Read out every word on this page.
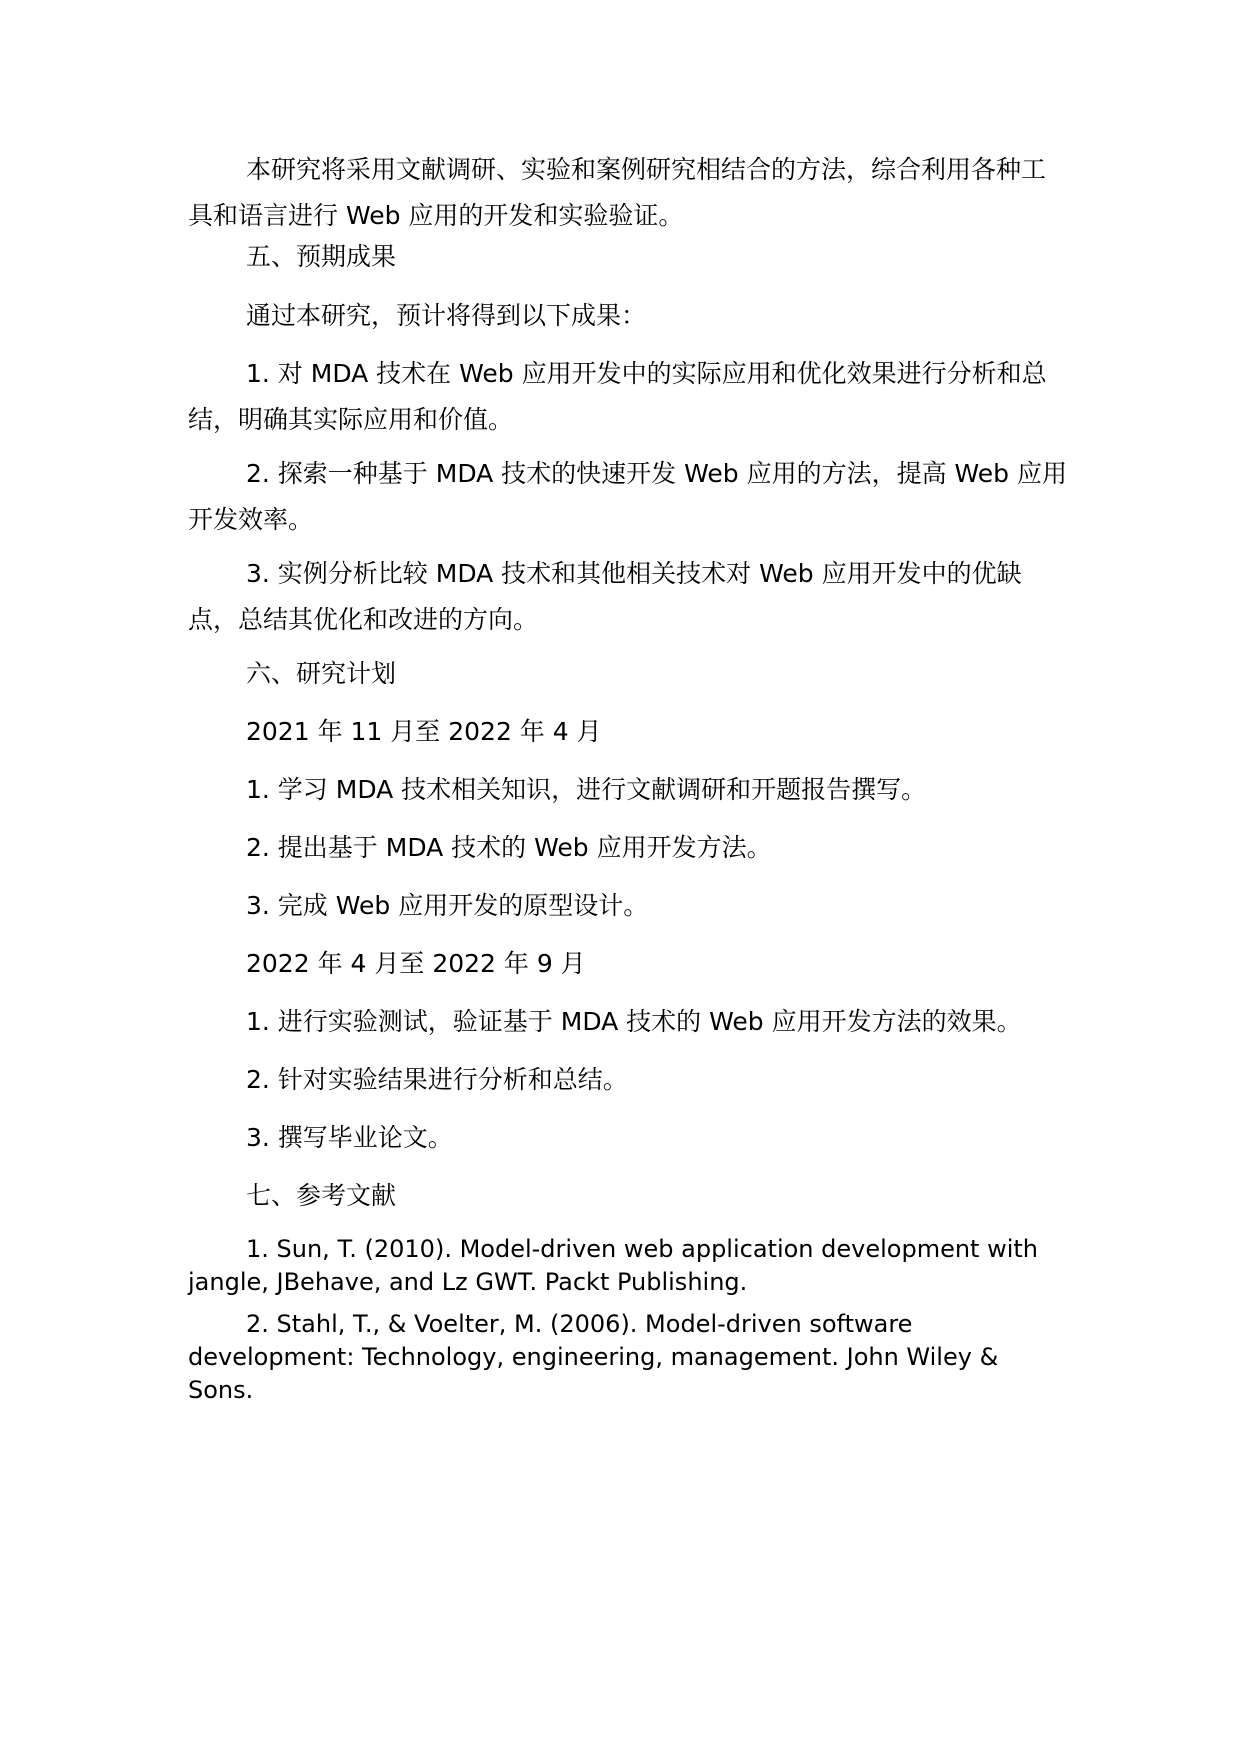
本研究将采用文献调研、实验和案例研究相结合的方法，综合利用各种工具和语言进行 Web 应用的开发和实验验证。

五、预期成果

通过本研究，预计将得到以下成果：

1. 对 MDA 技术在 Web 应用开发中的实际应用和优化效果进行分析和总结，明确其实际应用和价值。

2. 探索一种基于 MDA 技术的快速开发 Web 应用的方法，提高 Web 应用开发效率。

3. 实例分析比较 MDA 技术和其他相关技术对 Web 应用开发中的优缺点，总结其优化和改进的方向。

六、研究计划

2021 年 11 月至 2022 年 4 月

1. 学习 MDA 技术相关知识，进行文献调研和开题报告撰写。

2. 提出基于 MDA 技术的 Web 应用开发方法。

3. 完成 Web 应用开发的原型设计。

2022 年 4 月至 2022 年 9 月

1. 进行实验测试，验证基于 MDA 技术的 Web 应用开发方法的效果。

2. 针对实验结果进行分析和总结。

3. 撰写毕业论文。

七、参考文献

1. Sun, T. (2010). Model-driven web application development with jangle, JBehave, and Lz GWT. Packt Publishing.

2. Stahl, T., & Voelter, M. (2006). Model-driven software development: Technology, engineering, management. John Wiley & Sons.
